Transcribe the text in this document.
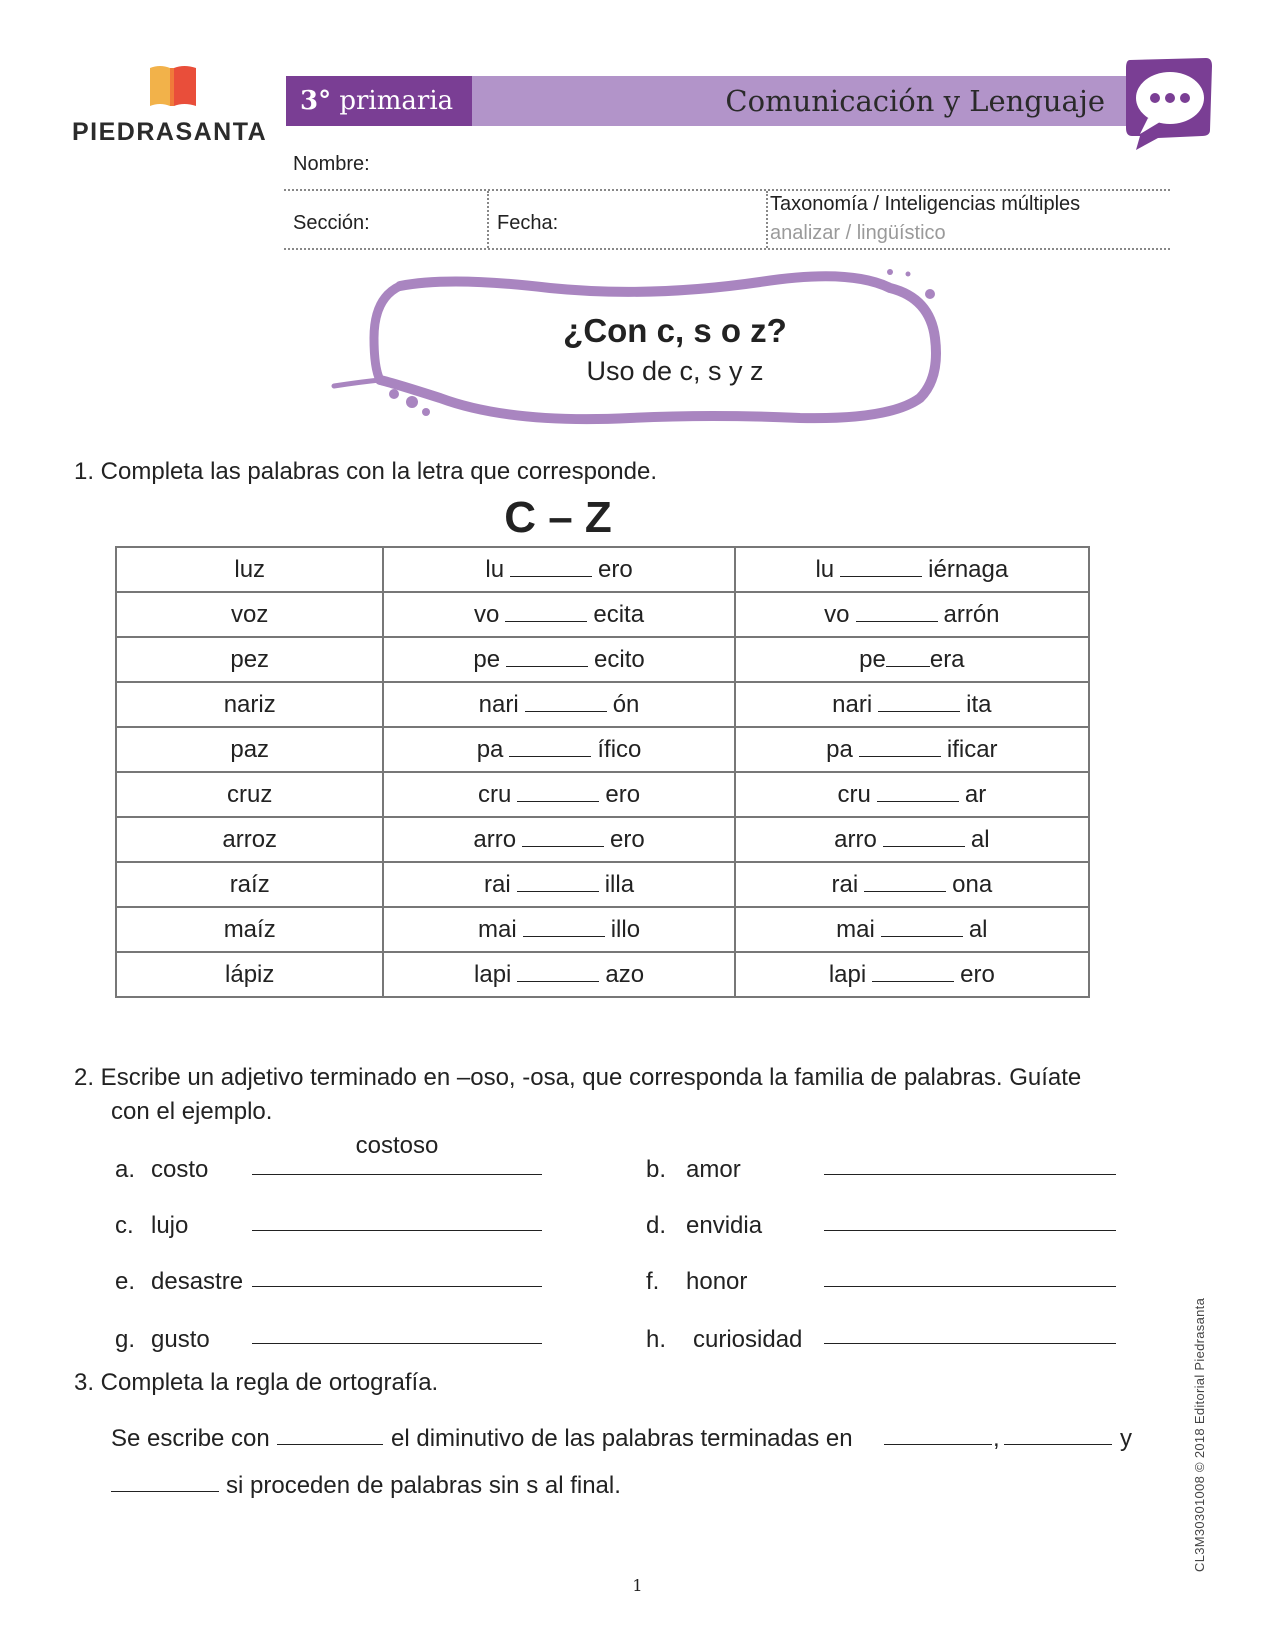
PIEDRASANTA
3° primaria	Comunicación y Lenguaje
Nombre:
Sección:	Fecha:
Taxonomía / Inteligencias múltiples
analizar / lingüístico
¿Con c, s o z?
Uso de c, s y z
1. Completa las palabras con la letra que corresponde.
C – Z
luz	lu ero	lu iérnaga
voz	vo ecita	vo arrón
pez	pe ecito	pe era
nariz	nari ón	nari ita
paz	pa ífico	pa ificar
cruz	cru ero	cru ar
arroz	arro ero	arro al
raíz	rai illa	rai ona
maíz	mai illo	mai al
lápiz	lapi azo	lapi ero
2. Escribe un adjetivo terminado en –oso, -osa, que corresponda la familia de palabras. Guíate
con el ejemplo.
a. costo
costoso
c. lujo
e. desastre
g. gusto
b. amor
d. envidia
f. honor
h. curiosidad
3. Completa la regla de ortografía.
Se escribe con	el diminutivo de las palabras terminadas en	,	y
si proceden de palabras sin s al final.	CL3M30301008 © 2018 Editorial Piedrasanta
1
